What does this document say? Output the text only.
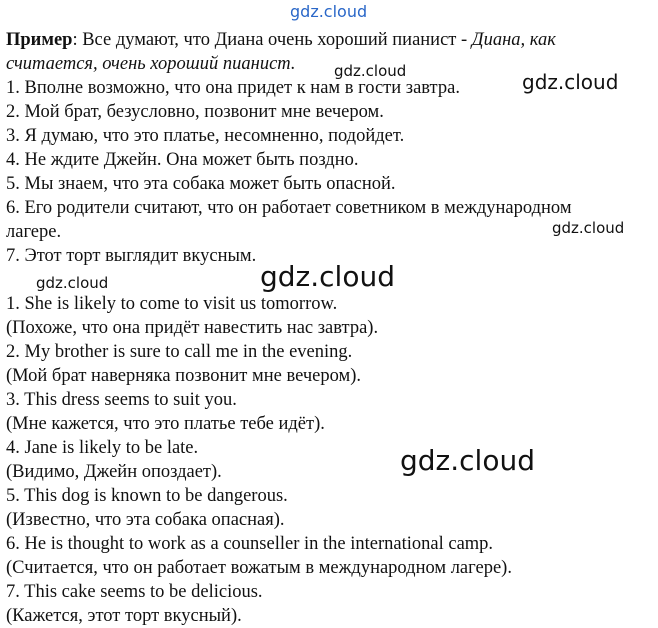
gdz.cloud
Пример: Все думают, что Диана очень хороший пианист - Диана, как
считается, очень хороший пианист.
1. Вполне возможно, что она придет к нам в гости завтра.
2. Мой брат, безусловно, позвонит мне вечером.
3. Я думаю, что это платье, несомненно, подойдет.
4. Не ждите Джейн. Она может быть поздно.
5. Мы знаем, что эта собака может быть опасной.
6. Его родители считают, что он работает советником в международном
лагере.
7. Этот торт выглядит вкусным.
1. She is likely to come to visit us tomorrow.
(Похоже, что она придёт навестить нас завтра).
2. My brother is sure to call me in the evening.
(Мой брат наверняка позвонит мне вечером).
3. This dress seems to suit you.
(Мне кажется, что это платье тебе идёт).
4. Jane is likely to be late.
(Видимо, Джейн опоздает).
5. This dog is known to be dangerous.
(Известно, что эта собака опасная).
6. He is thought to work as a counseller in the international camp.
(Считается, что он работает вожатым в международном лагере).
7. This cake seems to be delicious.
(Кажется, этот торт вкусный).
gdz.cloud	gdz.cloud
gdz.cloud
gdz.cloud	gdz.cloud
gdz.cloud
